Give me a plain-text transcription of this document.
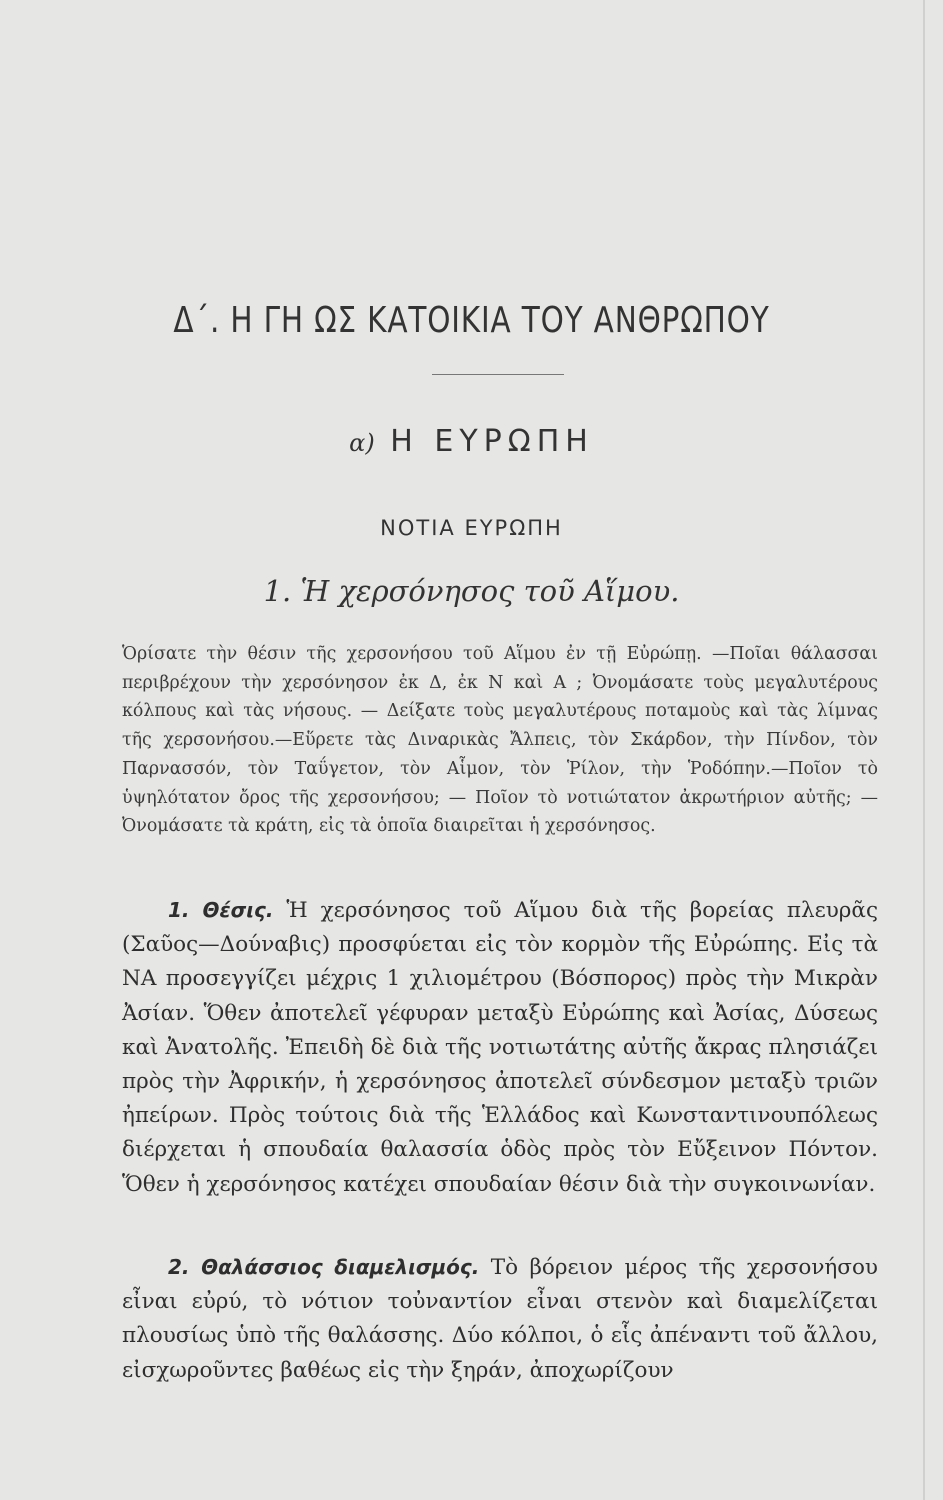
Δ΄. Η ΓΗ ΩΣ ΚΑΤΟΙΚΙΑ ΤΟΥ ΑΝΘΡΩΠΟΥ
α) Η ΕΥΡΩΠΗ
ΝΟΤΙΑ ΕΥΡΩΠΗ
1. Ἡ χερσόνησος τοῦ Αἵμου.
Ὁρίσατε τὴν θέσιν τῆς χερσονήσου τοῦ Αἵμου ἐν τῇ Εὐρώπῃ. —Ποῖαι θάλασσαι περιβρέχουν τὴν χερσόνησον ἐκ Δ, ἐκ Ν καὶ Α ; Ὀνομάσατε τοὺς μεγαλυτέρους κόλπους καὶ τὰς νήσους. — Δείξατε τοὺς μεγαλυτέρους ποταμοὺς καὶ τὰς λίμνας τῆς χερσονήσου.—Εὕρετε τὰς Διναρικὰς Ἄλπεις, τὸν Σκάρδον, τὴν Πίνδον, τὸν Παρνασσόν, τὸν Ταΰγετον, τὸν Αἷμον, τὸν Ῥίλον, τὴν Ῥοδόπην.—Ποῖον τὸ ὑψηλότατον ὄρος τῆς χερσονήσου; — Ποῖον τὸ νοτιώτατον ἀκρωτήριον αὐτῆς; — Ὀνομάσατε τὰ κράτη, εἰς τὰ ὁποῖα διαιρεῖται ἡ χερσόνησος.
1. Θέσις. Ἡ χερσόνησος τοῦ Αἵμου διὰ τῆς βορείας πλευρᾶς (Σαῦος—Δούναβις) προσφύεται εἰς τὸν κορμὸν τῆς Εὐρώπης. Εἰς τὰ ΝΑ προσεγγίζει μέχρις 1 χιλιομέτρου (Βόσπορος) πρὸς τὴν Μικρὰν Ἀσίαν. Ὅθεν ἀποτελεῖ γέφυραν μεταξὺ Εὐρώπης καὶ Ἀσίας, Δύσεως καὶ Ἀνατολῆς. Ἐπειδὴ δὲ διὰ τῆς νοτιωτάτης αὐτῆς ἄκρας πλησιάζει πρὸς τὴν Ἀφρικήν, ἡ χερσόνησος ἀποτελεῖ σύνδεσμον μεταξὺ τριῶν ἠπείρων. Πρὸς τούτοις διὰ τῆς Ἑλλάδος καὶ Κωνσταντινουπόλεως διέρχεται ἡ σπουδαία θαλασσία ὁδὸς πρὸς τὸν Εὔξεινον Πόντον. Ὅθεν ἡ χερσόνησος κατέχει σπουδαίαν θέσιν διὰ τὴν συγκοινωνίαν.
2. Θαλάσσιος διαμελισμός. Τὸ βόρειον μέρος τῆς χερσονήσου εἶναι εὐρύ, τὸ νότιον τοὐναντίον εἶναι στενὸν καὶ διαμελίζεται πλουσίως ὑπὸ τῆς θαλάσσης. Δύο κόλποι, ὁ εἷς ἀπέναντι τοῦ ἄλλου, εἰσχωροῦντες βαθέως εἰς τὴν ξηράν, ἀποχωρίζουν
